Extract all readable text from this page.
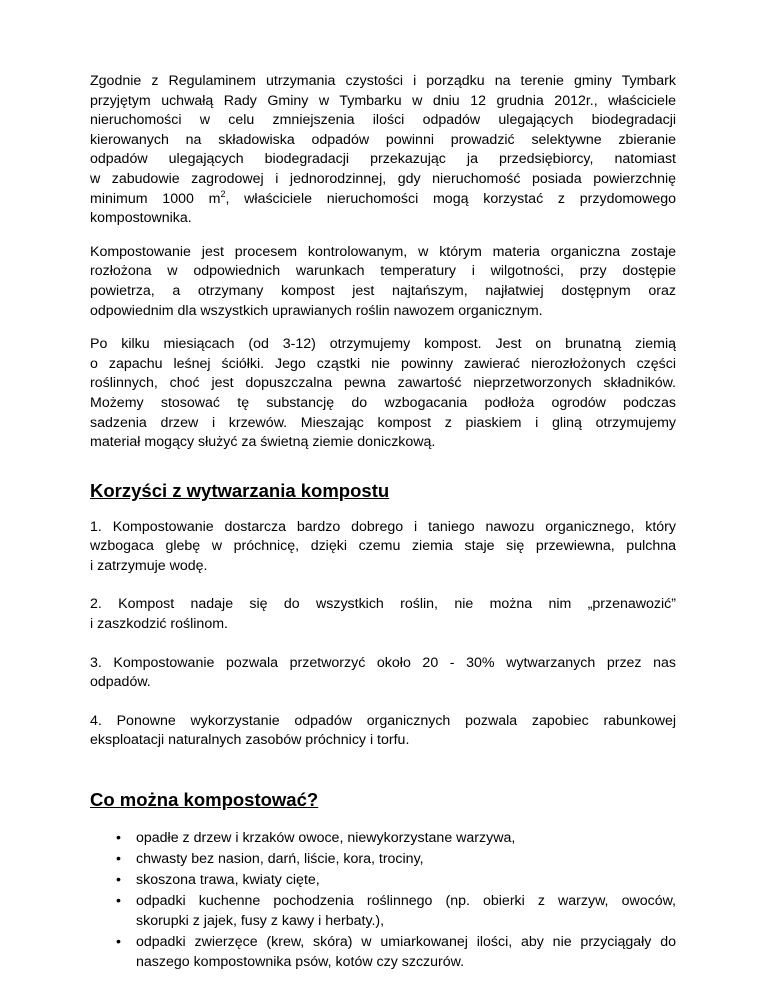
Zgodnie z Regulaminem utrzymania czystości i porządku na terenie gminy Tymbark
przyjętym uchwałą Rady Gminy w Tymbarku w dniu 12 grudnia 2012r., właściciele
nieruchomości w celu zmniejszenia ilości odpadów ulegających biodegradacji
kierowanych na składowiska odpadów powinni prowadzić selektywne zbieranie
odpadów ulegających biodegradacji przekazując ja przedsiębiorcy, natomiast
w zabudowie zagrodowej i jednorodzinnej, gdy nieruchomość posiada powierzchnię
minimum 1000 $m^2$, właściciele nieruchomości mogą korzystać z przydomowego
kompostownika.
Kompostowanie jest procesem kontrolowanym, w którym materia organiczna zostaje
rozłożona w odpowiednich warunkach temperatury i wilgotności, przy dostępie
powietrza, a otrzymany kompost jest najtańszym, najłatwiej dostępnym oraz
odpowiednim dla wszystkich uprawianych roślin nawozem organicznym.
Po kilku miesiącach (od 3-12) otrzymujemy kompost. Jest on brunatną ziemią
o zapachu leśnej ściółki. Jego cząstki nie powinny zawierać nierozłożonych części
roślinnych, choć jest dopuszczalna pewna zawartość nieprzetworzonych składników.
Możemy stosować tę substancję do wzbogacania podłoża ogrodów podczas
sadzenia drzew i krzewów. Mieszając kompost z piaskiem i gliną otrzymujemy
materiał mogący służyć za świetną ziemie doniczkową.
Korzyści z wytwarzania kompostu
1. Kompostowanie dostarcza bardzo dobrego i taniego nawozu organicznego, który
wzbogaca glebę w próchnicę, dzięki czemu ziemia staje się przewiewna, pulchna
i zatrzymuje wodę.
2. Kompost nadaje się do wszystkich roślin, nie można nim „przenawozić”
i zaszkodzić roślinom.
3. Kompostowanie pozwala przetworzyć około 20 - 30% wytwarzanych przez nas
odpadów.
4. Ponowne wykorzystanie odpadów organicznych pozwala zapobiec rabunkowej
eksploatacji naturalnych zasobów próchnicy i torfu.
Co można kompostować?
• opadłe z drzew i krzaków owoce, niewykorzystane warzywa,
• chwasty bez nasion, darń, liście, kora, trociny,
• skoszona trawa, kwiaty cięte,
• odpadki kuchenne pochodzenia roślinnego (np. obierki z warzyw, owoców,
skorupki z jajek, fusy z kawy i herbaty.),
• odpadki zwierzęce (krew, skóra) w umiarkowanej ilości, aby nie przyciągały do
naszego kompostownika psów, kotów czy szczurów.
